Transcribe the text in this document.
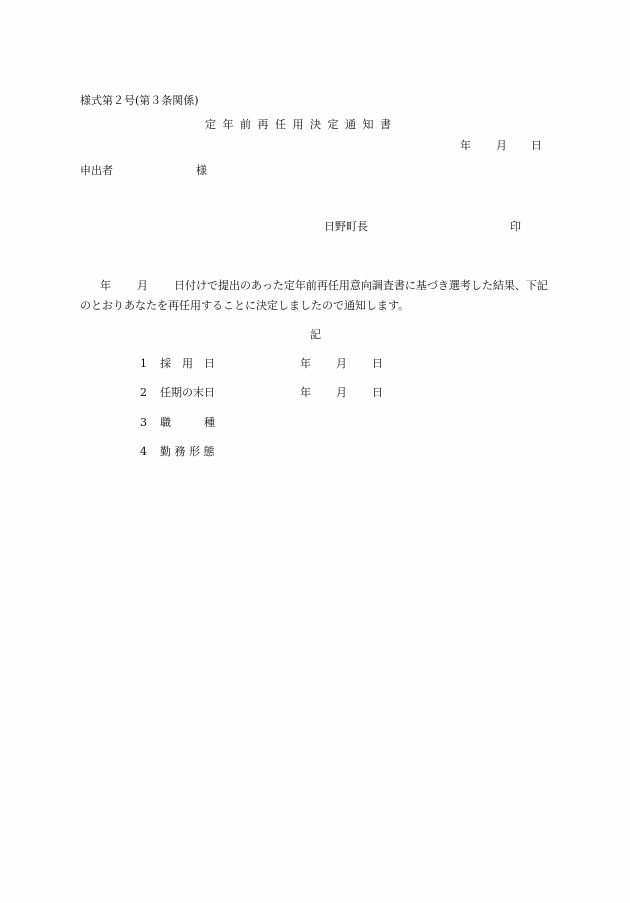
様式第２号(第３条関係)
定年前再任用決定通知書
年 月 日
申出者	様
日野町長	印
年 月 日付けで提出のあった定年前再任用意向調査書に基づき選考した結果、下記のとおりあなたを再任用することに決定しましたので通知します。
記
1 採　用　日	年 月 日
2 任期の末日	年 月 日
3 職　　　種
4 勤 務 形 態
